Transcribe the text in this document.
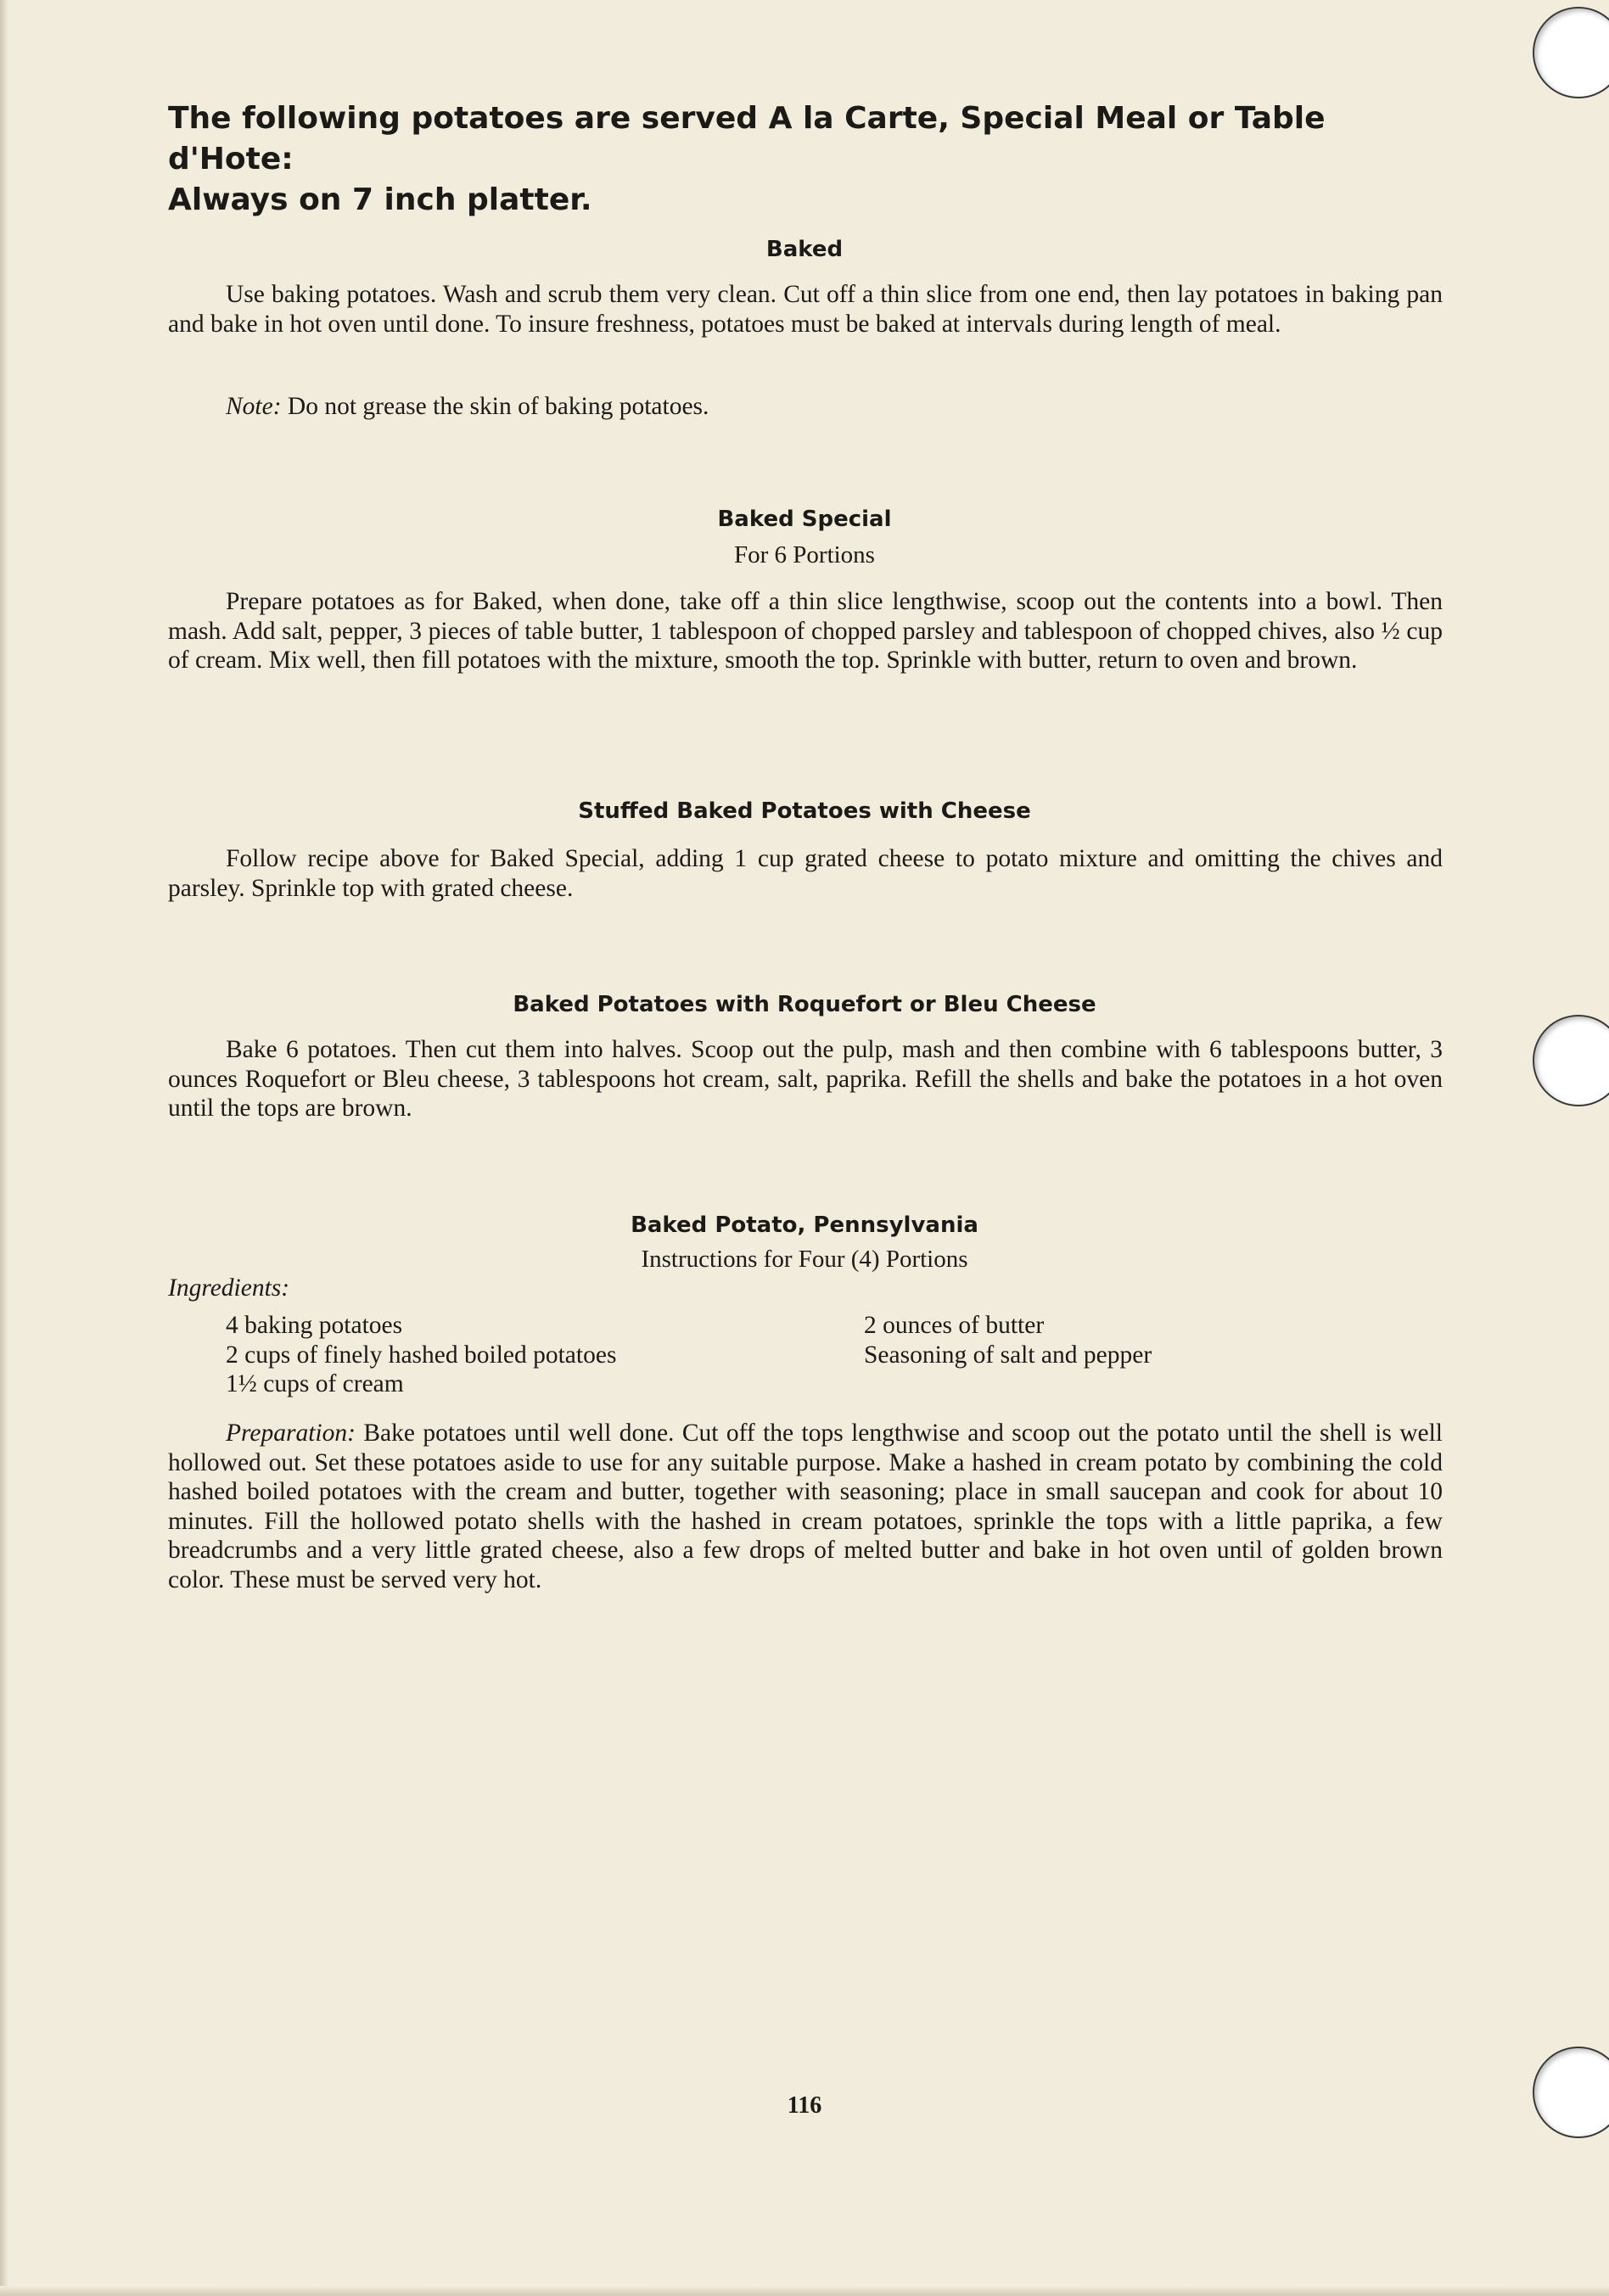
The following potatoes are served A la Carte, Special Meal or Table d'Hote:
Always on 7 inch platter.
Baked

Use baking potatoes. Wash and scrub them very clean. Cut off a thin slice from one end, then lay potatoes in baking pan and bake in hot oven until done. To insure freshness, potatoes must be baked at intervals during length of meal.

Note: Do not grease the skin of baking potatoes.

Baked Special
For 6 Portions

Prepare potatoes as for Baked, when done, take off a thin slice lengthwise, scoop out the contents into a bowl. Then mash. Add salt, pepper, 3 pieces of table butter, 1 tablespoon of chopped parsley and tablespoon of chopped chives, also ½ cup of cream. Mix well, then fill potatoes with the mixture, smooth the top. Sprinkle with butter, return to oven and brown.

Stuffed Baked Potatoes with Cheese

Follow recipe above for Baked Special, adding 1 cup grated cheese to potato mixture and omitting the chives and parsley. Sprinkle top with grated cheese.

Baked Potatoes with Roquefort or Bleu Cheese

Bake 6 potatoes. Then cut them into halves. Scoop out the pulp, mash and then combine with 6 tablespoons butter, 3 ounces Roquefort or Bleu cheese, 3 tablespoons hot cream, salt, paprika. Refill the shells and bake the potatoes in a hot oven until the tops are brown.

Baked Potato, Pennsylvania
Instructions for Four (4) Portions
Ingredients:
4 baking potatoes
2 cups of finely hashed boiled potatoes
1½ cups of cream
2 ounces of butter
Seasoning of salt and pepper

Preparation: Bake potatoes until well done. Cut off the tops lengthwise and scoop out the potato until the shell is well hollowed out. Set these potatoes aside to use for any suitable purpose. Make a hashed in cream potato by combining the cold hashed boiled potatoes with the cream and butter, together with seasoning; place in small saucepan and cook for about 10 minutes. Fill the hollowed potato shells with the hashed in cream potatoes, sprinkle the tops with a little paprika, a few breadcrumbs and a very little grated cheese, also a few drops of melted butter and bake in hot oven until of golden brown color. These must be served very hot.

116
